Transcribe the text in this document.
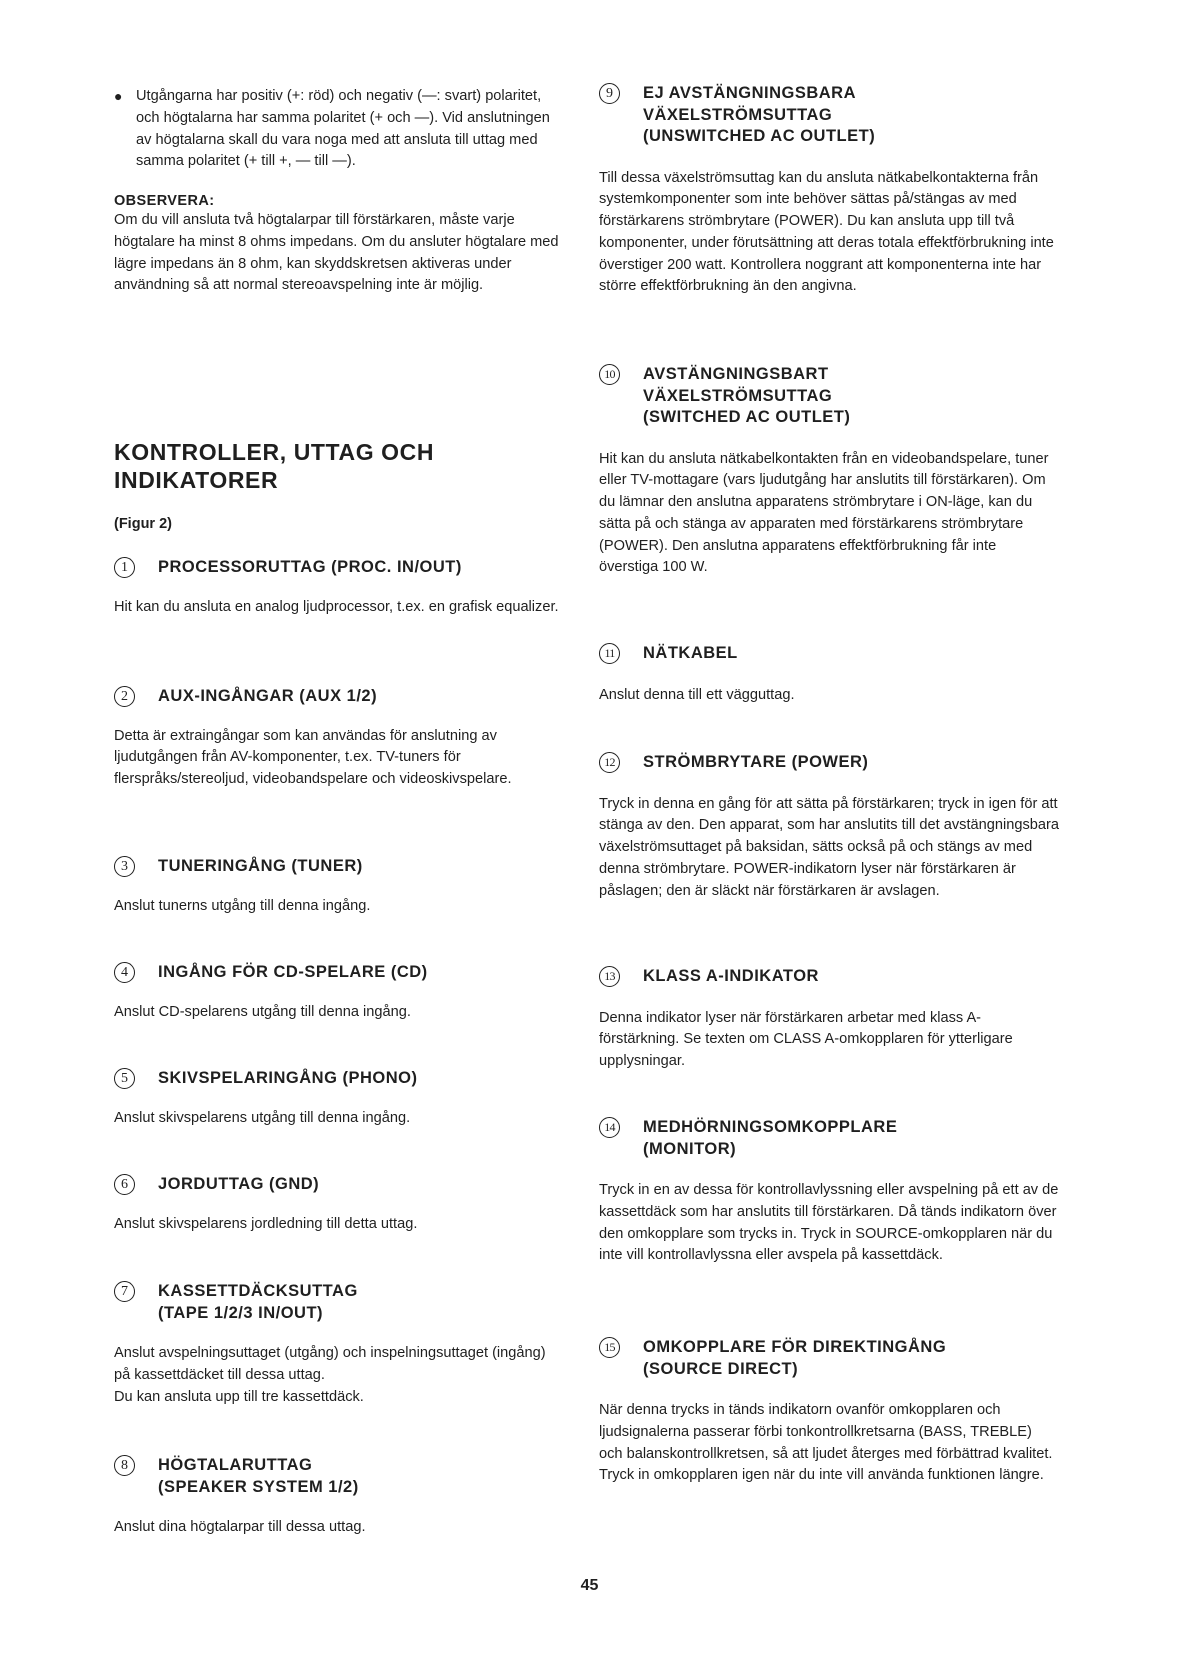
● Utgångarna har positiv (+: röd) och negativ (—: svart) polaritet, och högtalarna har samma polaritet (+ och —). Vid anslutningen av högtalarna skall du vara noga med att ansluta till uttag med samma polaritet (+ till +, — till —).

OBSERVERA:

Om du vill ansluta två högtalarpar till förstärkaren, måste varje högtalare ha minst 8 ohms impedans. Om du ansluter högtalare med lägre impedans än 8 ohm, kan skyddskretsen aktiveras under användning så att normal stereoavspelning inte är möjlig.

KONTROLLER, UTTAG OCH

INDIKATORER

(Figur 2)

1	PROCESSORUTTAG (PROC. IN/OUT)

Hit kan du ansluta en analog ljudprocessor, t.ex. en grafisk equalizer.

2	AUX-INGÅNGAR (AUX 1/2)

Detta är extraingångar som kan användas för anslutning av ljudutgången från AV-komponenter, t.ex. TV-tuners för flerspråks/stereoljud, videobandspelare och videoskivspelare.

3	TUNERINGÅNG (TUNER)

Anslut tunerns utgång till denna ingång.

4	INGÅNG FÖR CD-SPELARE (CD)

Anslut CD-spelarens utgång till denna ingång.

5	SKIVSPELARINGÅNG (PHONO)

Anslut skivspelarens utgång till denna ingång.

6	JORDUTTAG (GND)

Anslut skivspelarens jordledning till detta uttag.

7	KASSETTDÄCKSUTTAG
(TAPE 1/2/3 IN/OUT)

Anslut avspelningsuttaget (utgång) och inspelningsuttaget (ingång) på kassettdäcket till dessa uttag.

Du kan ansluta upp till tre kassettdäck.

8	HÖGTALARUTTAG
(SPEAKER SYSTEM 1/2)

Anslut dina högtalarpar till dessa uttag.

9	EJ AVSTÄNGNINGSBARA
VÄXELSTRÖMSUTTAG
(UNSWITCHED AC OUTLET)

Till dessa växelströmsuttag kan du ansluta nätkabelkontakterna från systemkomponenter som inte behöver sättas på/stängas av med förstärkarens strömbrytare (POWER). Du kan ansluta upp till två komponenter, under förutsättning att deras totala effektförbrukning inte överstiger 200 watt. Kontrollera noggrant att komponenterna inte har större effektförbrukning än den angivna.

10	AVSTÄNGNINGSBART
VÄXELSTRÖMSUTTAG
(SWITCHED AC OUTLET)

Hit kan du ansluta nätkabelkontakten från en videobandspelare, tuner eller TV-mottagare (vars ljudutgång har anslutits till förstärkaren). Om du lämnar den anslutna apparatens strömbrytare i ON-läge, kan du sätta på och stänga av apparaten med förstärkarens strömbrytare (POWER). Den anslutna apparatens effektförbrukning får inte överstiga 100 W.

11	NÄTKABEL

Anslut denna till ett vägguttag.

12	STRÖMBRYTARE (POWER)

Tryck in denna en gång för att sätta på förstärkaren; tryck in igen för att stänga av den. Den apparat, som har anslutits till det avstängningsbara växelströmsuttaget på baksidan, sätts också på och stängs av med denna strömbrytare. POWER-indikatorn lyser när förstärkaren är påslagen; den är släckt när förstärkaren är avslagen.

13	KLASS A-INDIKATOR

Denna indikator lyser när förstärkaren arbetar med klass A-förstärkning. Se texten om CLASS A-omkopplaren för ytterligare upplysningar.

14	MEDHÖRNINGSOMKOPPLARE
(MONITOR)

Tryck in en av dessa för kontrollavlyssning eller avspelning på ett av de kassettdäck som har anslutits till förstärkaren. Då tänds indikatorn över den omkopplare som trycks in. Tryck in SOURCE-omkopplaren när du inte vill kontrollavlyssna eller avspela på kassettdäck.

15	OMKOPPLARE FÖR DIREKTINGÅNG
(SOURCE DIRECT)

När denna trycks in tänds indikatorn ovanför omkopplaren och ljudsignalerna passerar förbi tonkontrollkretsarna (BASS, TREBLE) och balanskontrollkretsen, så att ljudet återges med förbättrad kvalitet. Tryck in omkopplaren igen när du inte vill använda funktionen längre.

45
